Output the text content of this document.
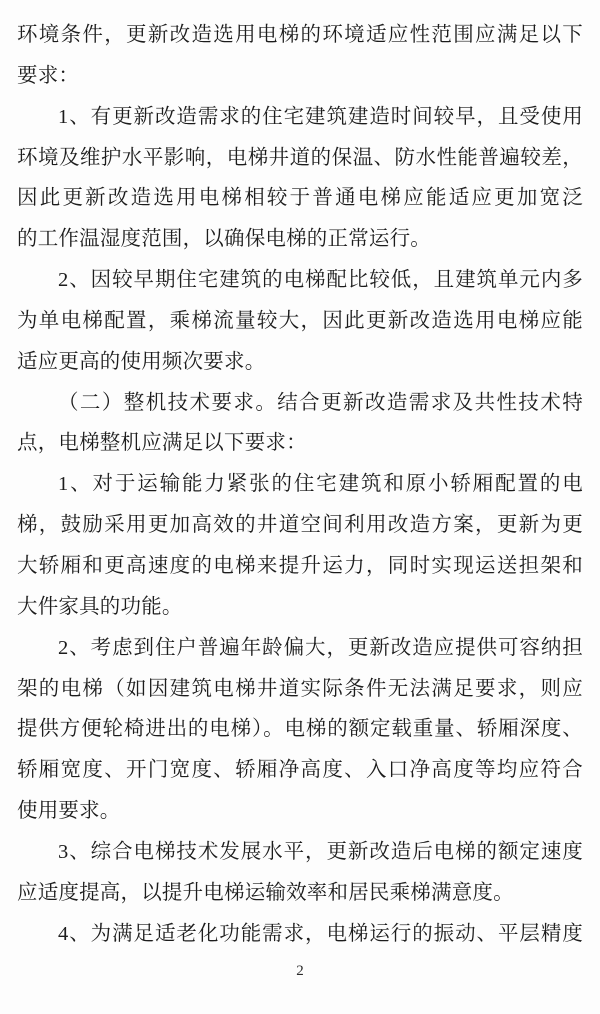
环境条件，更新改造选用电梯的环境适应性范围应满足以下
要求：
1、有更新改造需求的住宅建筑建造时间较早，且受使用
环境及维护水平影响，电梯井道的保温、防水性能普遍较差，
因此更新改造选用电梯相较于普通电梯应能适应更加宽泛
的工作温湿度范围，以确保电梯的正常运行。
2、因较早期住宅建筑的电梯配比较低，且建筑单元内多
为单电梯配置，乘梯流量较大，因此更新改造选用电梯应能
适应更高的使用频次要求。
（二）整机技术要求。结合更新改造需求及共性技术特
点，电梯整机应满足以下要求：
1、对于运输能力紧张的住宅建筑和原小轿厢配置的电
梯，鼓励采用更加高效的井道空间利用改造方案，更新为更
大轿厢和更高速度的电梯来提升运力，同时实现运送担架和
大件家具的功能。
2、考虑到住户普遍年龄偏大，更新改造应提供可容纳担
架的电梯（如因建筑电梯井道实际条件无法满足要求，则应
提供方便轮椅进出的电梯）。电梯的额定载重量、轿厢深度、
轿厢宽度、开门宽度、轿厢净高度、入口净高度等均应符合
使用要求。
3、综合电梯技术发展水平，更新改造后电梯的额定速度
应适度提高，以提升电梯运输效率和居民乘梯满意度。
4、为满足适老化功能需求，电梯运行的振动、平层精度
2
